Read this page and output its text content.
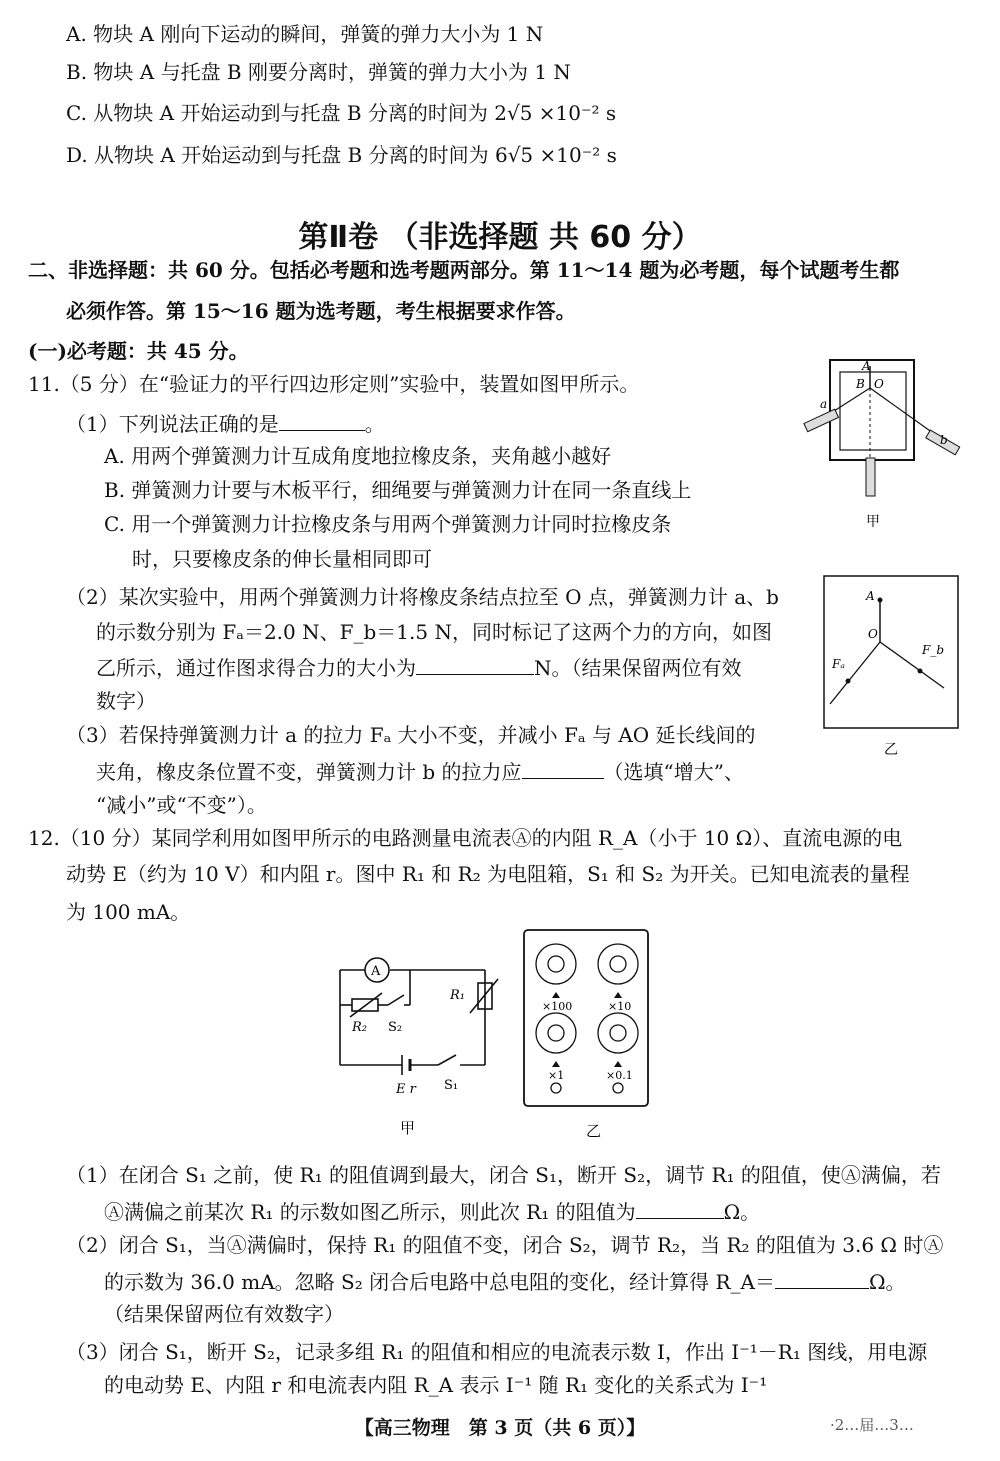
A. 物块 A 刚向下运动的瞬间，弹簧的弹力大小为 1 N
B. 物块 A 与托盘 B 刚要分离时，弹簧的弹力大小为 1 N
C. 从物块 A 开始运动到与托盘 B 分离的时间为 2√5 ×10⁻² s
D. 从物块 A 开始运动到与托盘 B 分离的时间为 6√5 ×10⁻² s
第Ⅱ卷 （非选择题 共 60 分）
二、非选择题：共 60 分。包括必考题和选考题两部分。第 11～14 题为必考题，每个试题考生都
必须作答。第 15～16 题为选考题，考生根据要求作答。
(一)必考题：共 45 分。
11.（5 分）在“验证力的平行四边形定则”实验中，装置如图甲所示。
（1）下列说法正确的是	。
A. 用两个弹簧测力计互成角度地拉橡皮条，夹角越小越好
B. 弹簧测力计要与木板平行，细绳要与弹簧测力计在同一条直线上
C. 用一个弹簧测力计拉橡皮条与用两个弹簧测力计同时拉橡皮条
时，只要橡皮条的伸长量相同即可
（2）某次实验中，用两个弹簧测力计将橡皮条结点拉至 O 点，弹簧测力计 a、b
的示数分别为 Fₐ＝2.0 N、F_b＝1.5 N，同时标记了这两个力的方向，如图
乙所示，通过作图求得合力的大小为	N。（结果保留两位有效
数字）
（3）若保持弹簧测力计 a 的拉力 Fₐ 大小不变，并减小 Fₐ 与 AO 延长线间的
夹角，橡皮条位置不变，弹簧测力计 b 的拉力应	（选填“增大”、
“减小”或“不变”）。
A
B O
a
b
甲
A
O
Fₐ
F_b
乙
12.（10 分）某同学利用如图甲所示的电路测量电流表Ⓐ的内阻 R_A（小于 10 Ω）、直流电源的电
动势 E（约为 10 V）和内阻 r。图中 R₁ 和 R₂ 为电阻箱，S₁ 和 S₂ 为开关。已知电流表的量程
为 100 mA。
A
R₁
R₂ S₂
E r S₁
甲
×100	×10
×1	×0.1
乙
（1）在闭合 S₁ 之前，使 R₁ 的阻值调到最大，闭合 S₁，断开 S₂，调节 R₁ 的阻值，使Ⓐ满偏，若
Ⓐ满偏之前某次 R₁ 的示数如图乙所示，则此次 R₁ 的阻值为	Ω。
（2）闭合 S₁，当Ⓐ满偏时，保持 R₁ 的阻值不变，闭合 S₂，调节 R₂，当 R₂ 的阻值为 3.6 Ω 时Ⓐ
的示数为 36.0 mA。忽略 S₂ 闭合后电路中总电阻的变化，经计算得 R_A＝	Ω。
（结果保留两位有效数字）
（3）闭合 S₁，断开 S₂，记录多组 R₁ 的阻值和相应的电流表示数 I，作出 I⁻¹－R₁ 图线，用电源
的电动势 E、内阻 r 和电流表内阻 R_A 表示 I⁻¹ 随 R₁ 变化的关系式为 I⁻¹
【高三物理　第 3 页（共 6 页）】	·2…届…3…
